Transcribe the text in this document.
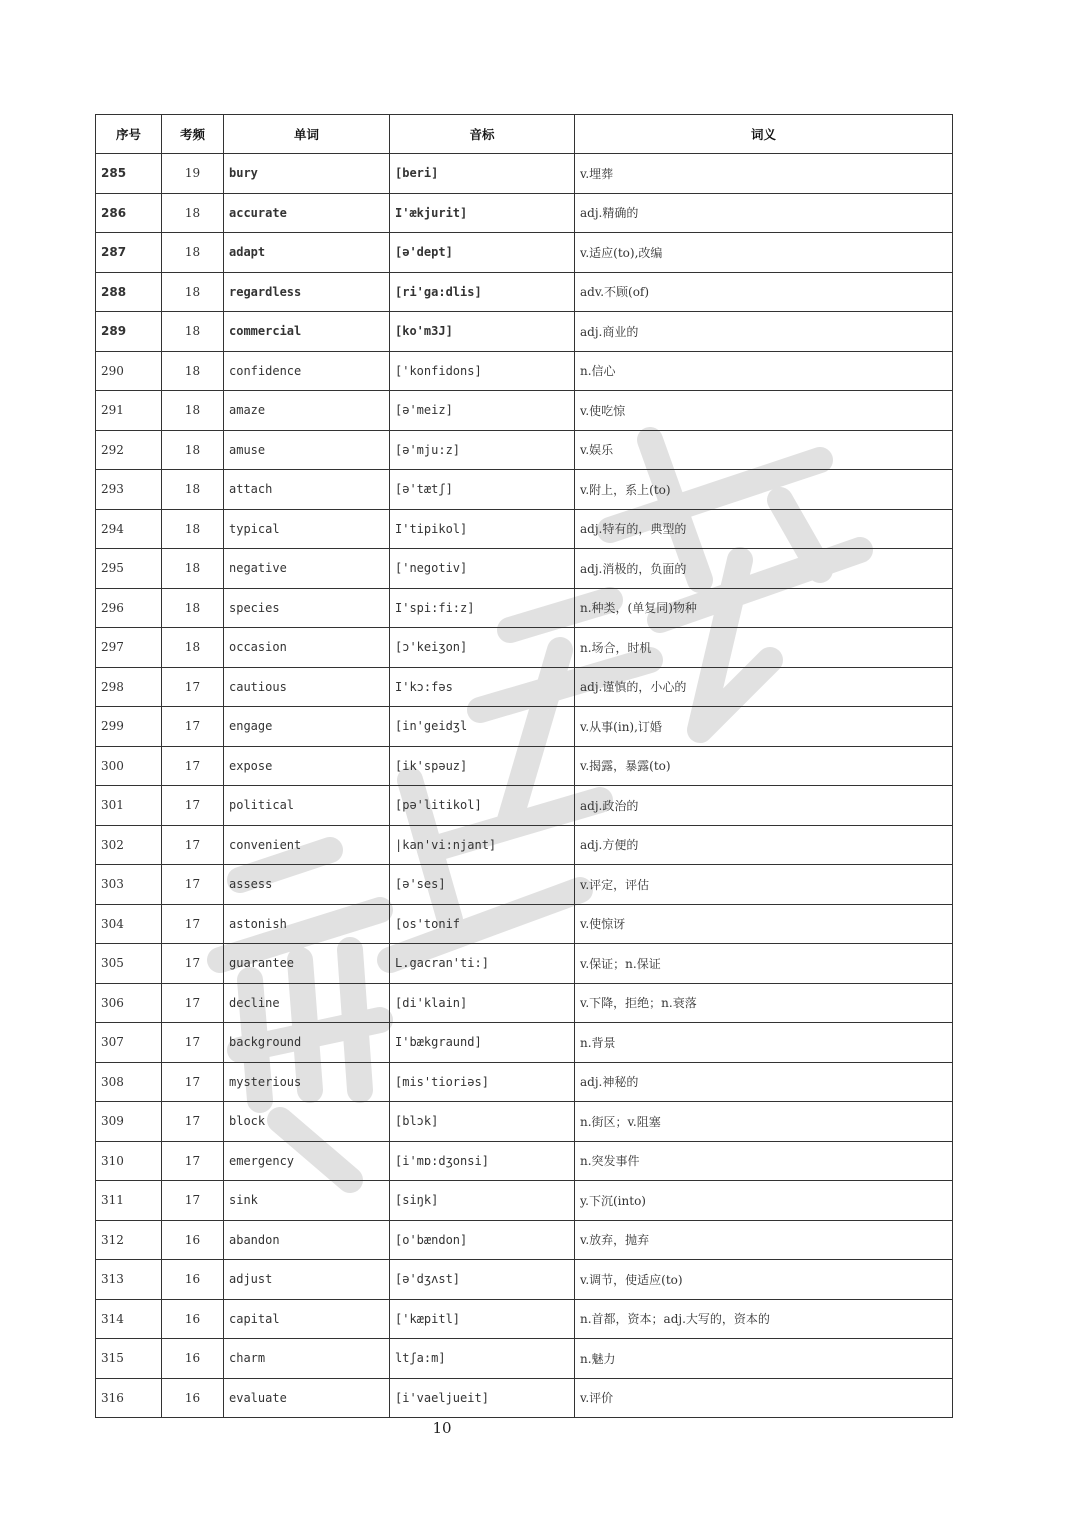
序号	考频	单词	音标	词义
285	19	bury	[beri]	v.埋葬
286	18	accurate	I'ækjurit]	adj.精确的
287	18	adapt	[ə'dept]	v.适应(to),改编
288	18	regardless	[ri'ga:dlis]	adv.不顾(of)
289	18	commercial	[ko'm3J]	adj.商业的
290	18	confidence	['konfidons]	n.信心
291	18	amaze	[ə'meiz]	v.使吃惊
292	18	amuse	[ə'mju:z]	v.娱乐
293	18	attach	[ə'tætʃ]	v.附上，系上(to)
294	18	typical	I'tipikol]	adj.特有的，典型的
295	18	negative	['negotiv]	adj.消极的，负面的
296	18	species	I'spi:fi:z]	n.种类，(单复同)物种
297	18	occasion	[ɔ'keiʒon]	n.场合，时机
298	17	cautious	I'kɔ:fəs	adj.谨慎的，小心的
299	17	engage	[in'geidʒl	v.从事(in),订婚
300	17	expose	[ik'spəuz]	v.揭露，暴露(to)
301	17	political	[pə'litikol]	adj.政治的
302	17	convenient	|kan'vi:njant]	adj.方便的
303	17	assess	[ə'ses]	v.评定，评估
304	17	astonish	[os'tonif	v.使惊讶
305	17	guarantee	L.gacran'ti:]	v.保证；n.保证
306	17	decline	[di'klain]	v.下降，拒绝；n.衰落
307	17	background	I'bækgraund]	n.背景
308	17	mysterious	[mis'tioriəs]	adj.神秘的
309	17	block	[blɔk]	n.街区；v.阻塞
310	17	emergency	[i'mɒ:dʒonsi]	n.突发事件
311	17	sink	[siŋk]	y.下沉(into)
312	16	abandon	[o'bændon]	v.放弃，抛弃
313	16	adjust	[ə'dʒʌst]	v.调节，使适应(to)
314	16	capital	['kæpitl]	n.首都，资本；adj.大写的，资本的
315	16	charm	ltʃa:m]	n.魅力
316	16	evaluate	[i'vaeljueit]	v.评价
10
